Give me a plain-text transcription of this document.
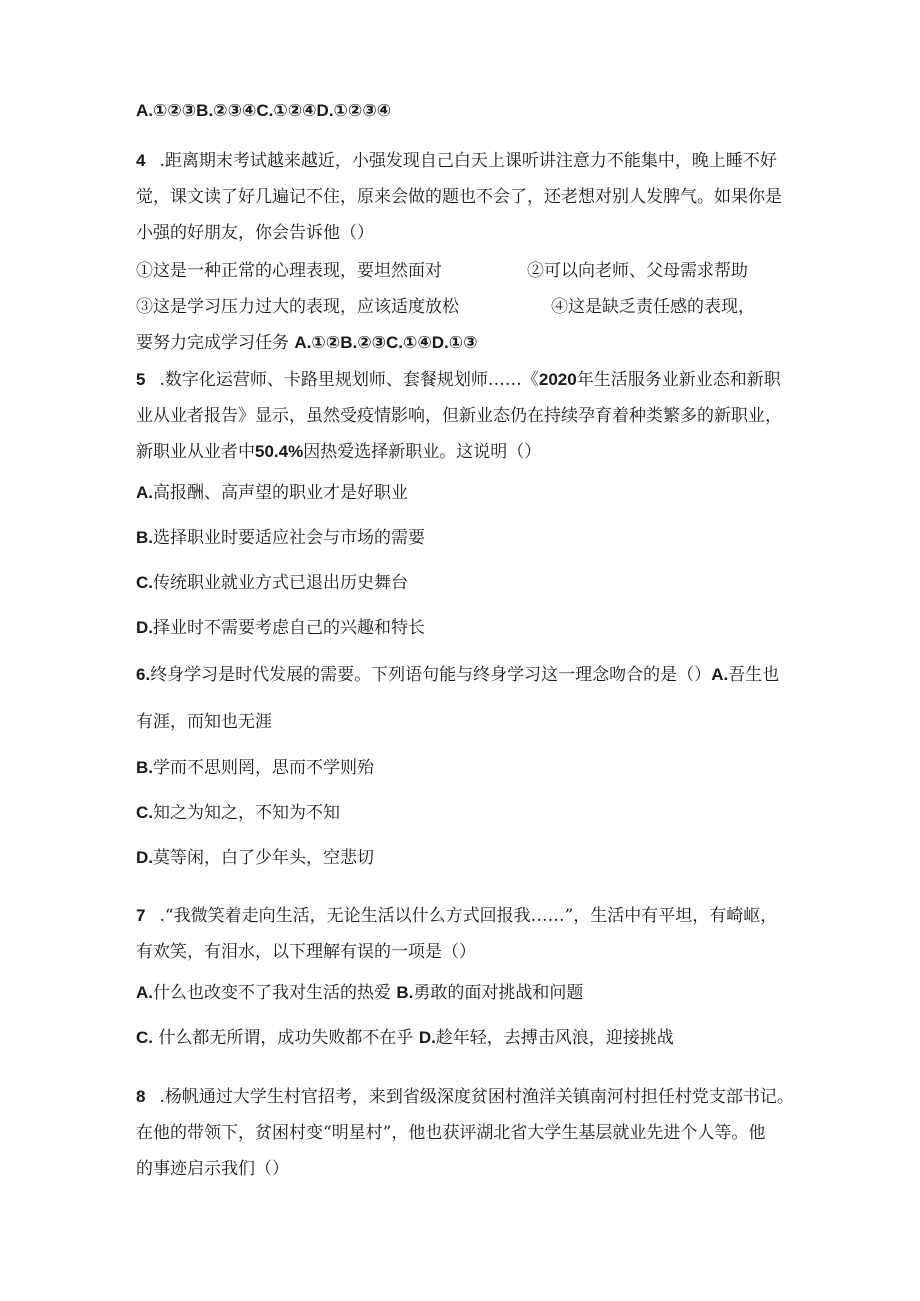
A.①②③B.②③④C.①②④D.①②③④

4 .距离期末考试越来越近，小强发现自己白天上课听讲注意力不能集中，晚上睡不好

觉，课文读了好几遍记不住，原来会做的题也不会了，还老想对别人发脾气。如果你是

小强的好朋友，你会告诉他（）

①这是一种正常的心理表现，要坦然面对	②可以向老师、父母需求帮助

③这是学习压力过大的表现，应该适度放松	④这是缺乏责任感的表现，

要努力完成学习任务 A.①②B.②③C.①④D.①③

5 .数字化运营师、卡路里规划师、套餐规划师……《2020年生活服务业新业态和新职

业从业者报告》显示，虽然受疫情影响，但新业态仍在持续孕育着种类繁多的新职业，

新职业从业者中50.4%因热爱选择新职业。这说明（）

A.高报酬、高声望的职业才是好职业

B.选择职业时要适应社会与市场的需要

C.传统职业就业方式已退出历史舞台

D.择业时不需要考虑自己的兴趣和特长

6.终身学习是时代发展的需要。下列语句能与终身学习这一理念吻合的是（）A.吾生也

有涯，而知也无涯

B.学而不思则罔，思而不学则殆

C.知之为知之，不知为不知

D.莫等闲，白了少年头，空悲切

7 .“我微笑着走向生活，无论生活以什么方式回报我……”，生活中有平坦，有崎岖，

有欢笑，有泪水，以下理解有误的一项是（）

A.什么也改变不了我对生活的热爱 B.勇敢的面对挑战和问题

C. 什么都无所谓，成功失败都不在乎 D.趁年轻，去搏击风浪，迎接挑战

8 .杨帆通过大学生村官招考，来到省级深度贫困村渔洋关镇南河村担任村党支部书记。

在他的带领下，贫困村变“明星村”，他也获评湖北省大学生基层就业先进个人等。他

的事迹启示我们（）
